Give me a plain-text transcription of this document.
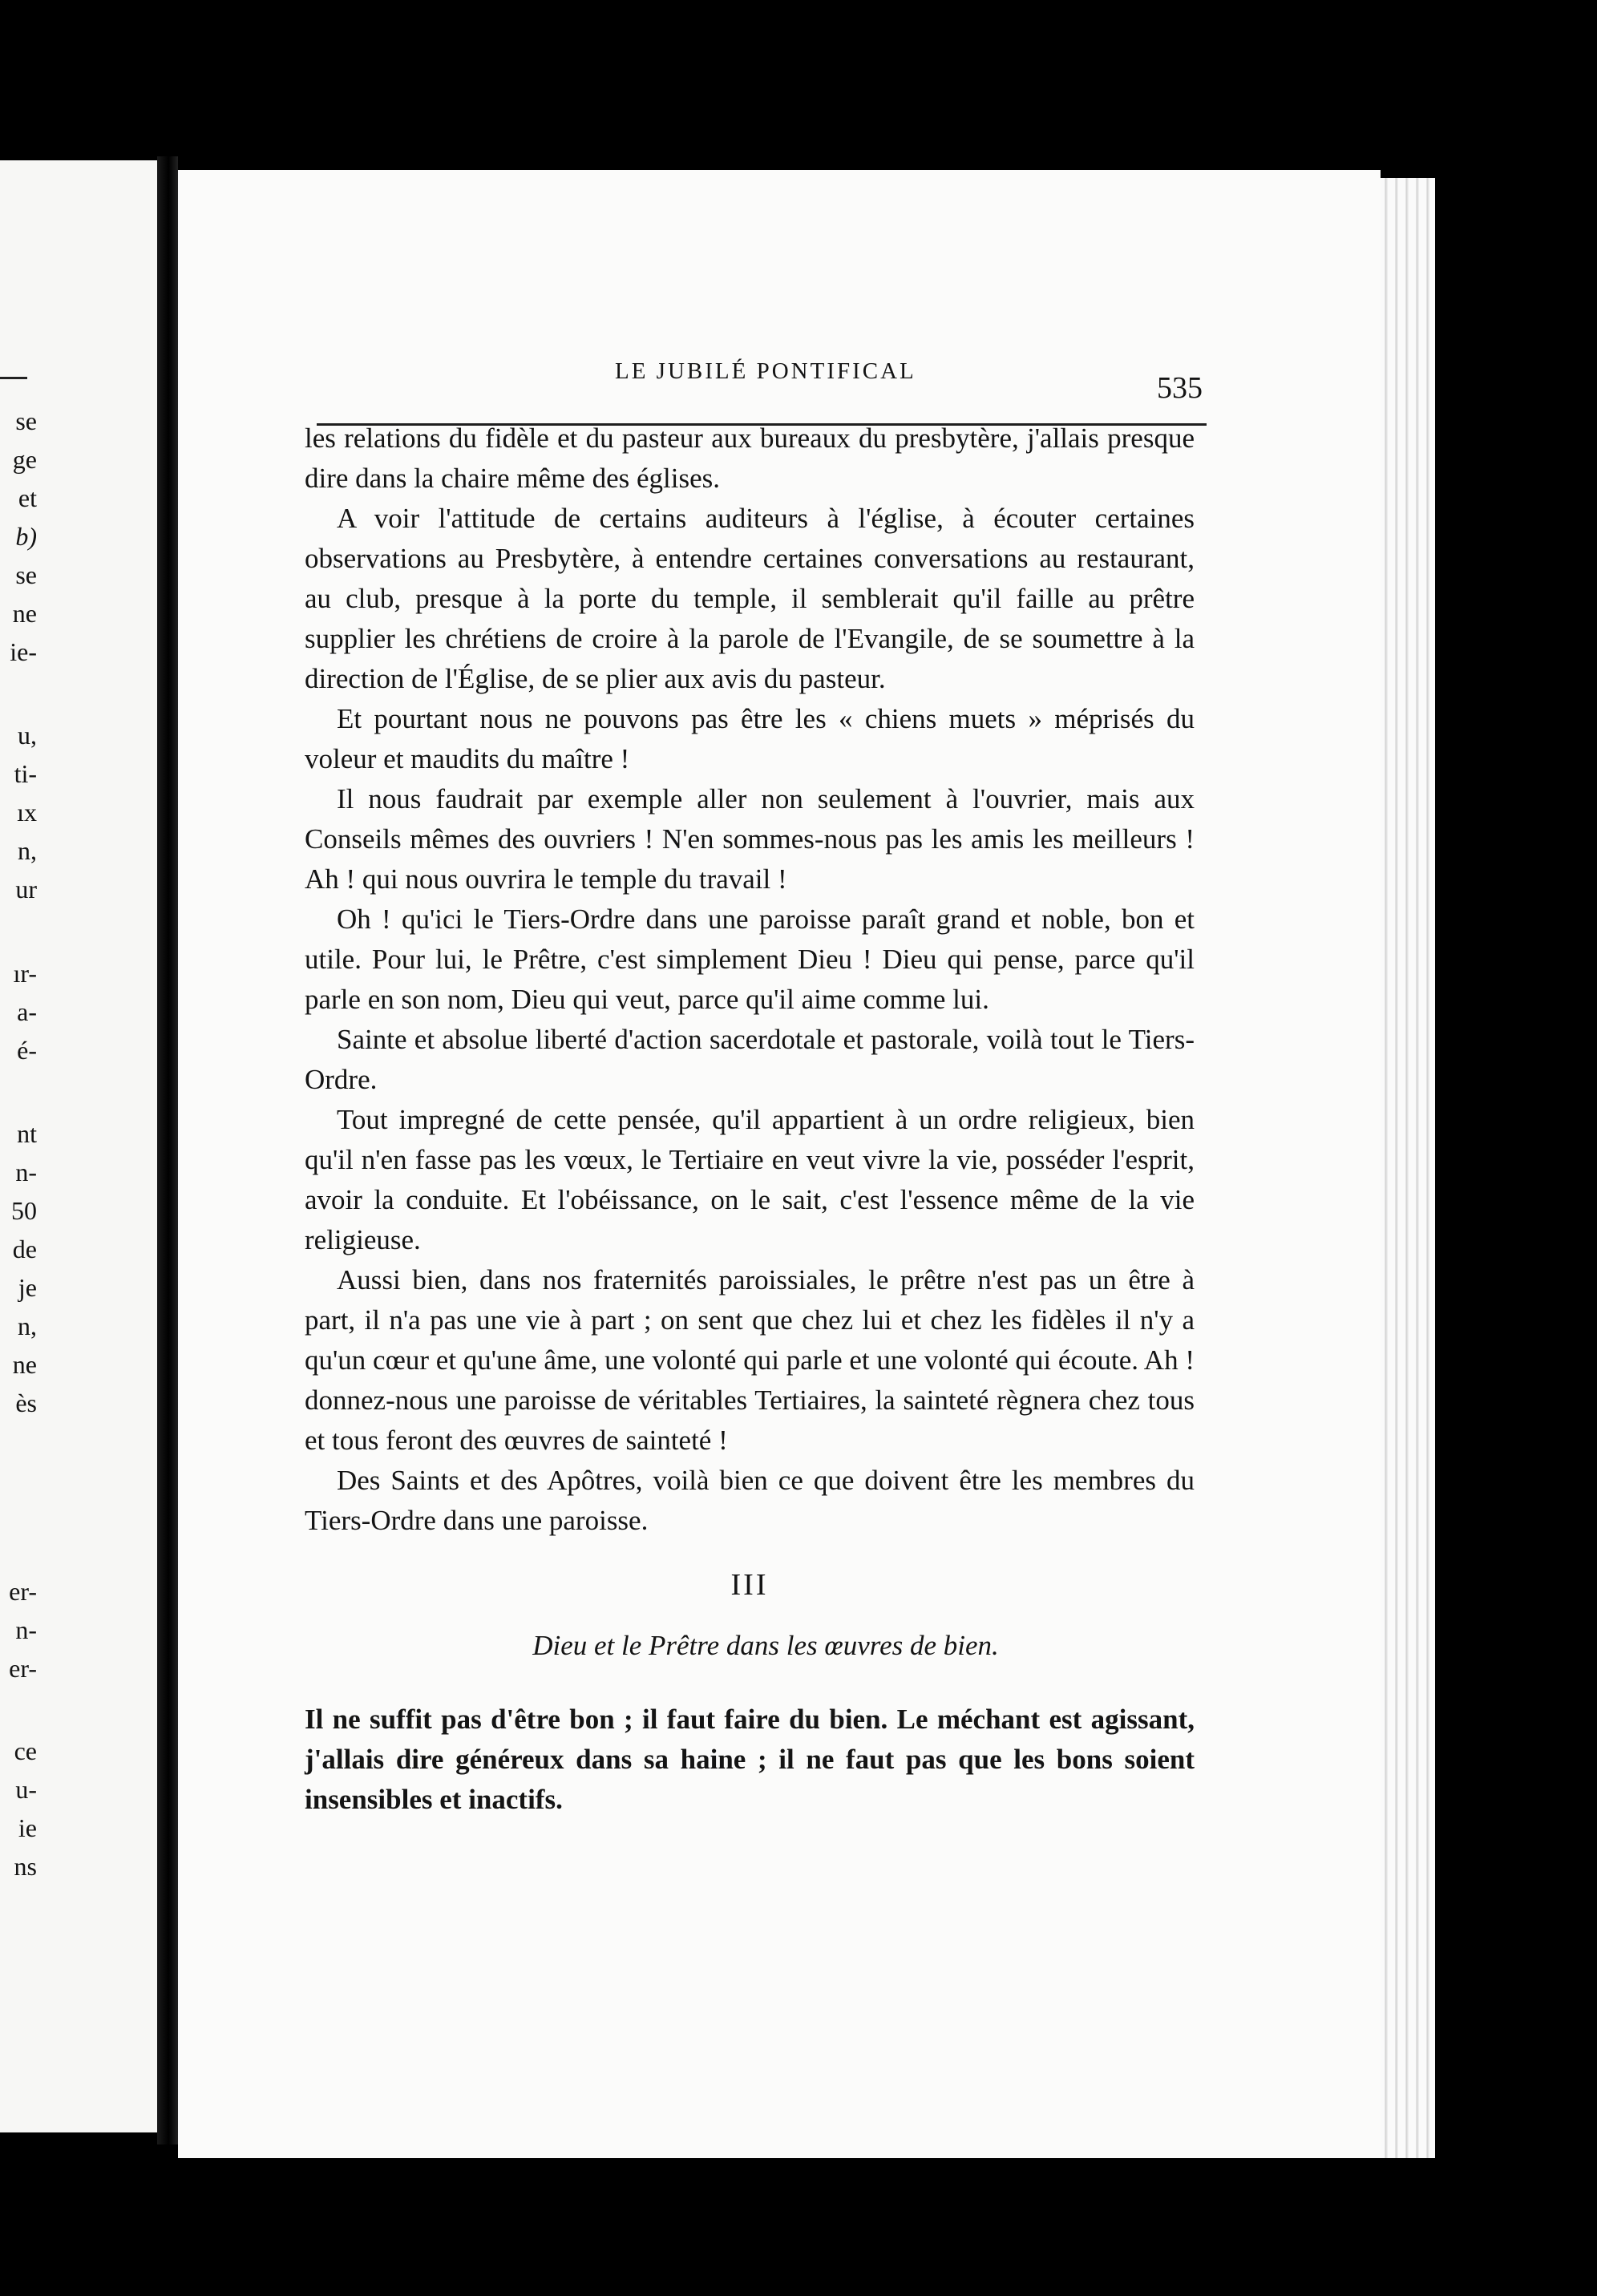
se
ge
et
b)
se
ne
ie-
u,
ti-
ıx
n,
ur
ır-
a-
é-
nt
n-
50
de
je
n,
ne
ès
er-
n-
er-
ce
u-
ie
ns
LE JUBILÉ PONTIFICAL	535

les relations du fidèle et du pasteur aux bureaux du presbytère, j'allais presque dire dans la chaire même des églises.

A voir l'attitude de certains auditeurs à l'église, à écouter certaines observations au Presbytère, à entendre certaines conversations au restaurant, au club, presque à la porte du temple, il semblerait qu'il faille au prêtre supplier les chrétiens de croire à la parole de l'Evangile, de se soumettre à la direction de l'Église, de se plier aux avis du pasteur.

Et pourtant nous ne pouvons pas être les « chiens muets » méprisés du voleur et maudits du maître !

Il nous faudrait par exemple aller non seulement à l'ouvrier, mais aux Conseils mêmes des ouvriers ! N'en sommes-nous pas les amis les meilleurs ! Ah ! qui nous ouvrira le temple du travail !

Oh ! qu'ici le Tiers-Ordre dans une paroisse paraît grand et noble, bon et utile. Pour lui, le Prêtre, c'est simplement Dieu ! Dieu qui pense, parce qu'il parle en son nom, Dieu qui veut, parce qu'il aime comme lui.

Sainte et absolue liberté d'action sacerdotale et pastorale, voilà tout le Tiers-Ordre.

Tout impregné de cette pensée, qu'il appartient à un ordre religieux, bien qu'il n'en fasse pas les vœux, le Tertiaire en veut vivre la vie, posséder l'esprit, avoir la conduite. Et l'obéissance, on le sait, c'est l'essence même de la vie religieuse.

Aussi bien, dans nos fraternités paroissiales, le prêtre n'est pas un être à part, il n'a pas une vie à part ; on sent que chez lui et chez les fidèles il n'y a qu'un cœur et qu'une âme, une volonté qui parle et une volonté qui écoute. Ah ! donnez-nous une paroisse de véritables Tertiaires, la sainteté règnera chez tous et tous feront des œuvres de sainteté !

Des Saints et des Apôtres, voilà bien ce que doivent être les membres du Tiers-Ordre dans une paroisse.

III
Dieu et le Prêtre dans les œuvres de bien.

Il ne suffit pas d'être bon ; il faut faire du bien. Le méchant est agissant, j'allais dire généreux dans sa haine ; il ne faut pas que les bons soient insensibles et inactifs.
